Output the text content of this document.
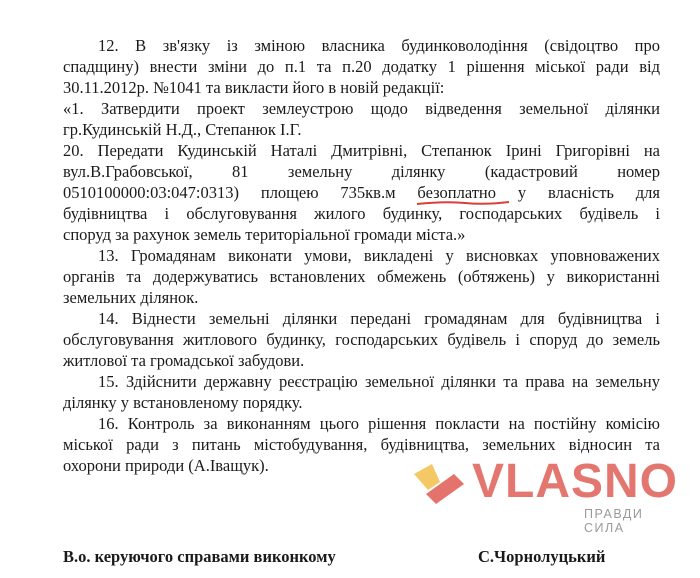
12. В зв'язку із зміною власника будинковолодіння (свідоцтво про
спадщину) внести зміни до п.1 та п.20 додатку 1 рішення міської ради від
30.11.2012р. №1041 та викласти його в новій редакції:
«1. Затвердити проект землеустрою щодо відведення земельної ділянки
гр.Кудинській Н.Д., Степанюк І.Г.
20. Передати Кудинській Наталі Дмитрівні, Степанюк Ірині Григорівні на
вул.В.Грабовської, 81 земельну ділянку (кадастровий номер
0510100000:03:047:0313) площею 735кв.м безоплатно у власність для
будівництва і обслуговування жилого будинку, господарських будівель і
споруд за рахунок земель територіальної громади міста.»
13. Громадянам виконати умови, викладені у висновках уповноважених
органів та додержуватись встановлених обмежень (обтяжень) у використанні
земельних ділянок.
14. Віднести земельні ділянки передані громадянам для будівництва і
обслуговування житлового будинку, господарських будівель і споруд до земель
житлової та громадської забудови.
15. Здійснити державну реєстрацію земельної ділянки та права на земельну
ділянку у встановленому порядку.
16. Контроль за виконанням цього рішення покласти на постійну комісію
міської ради з питань містобудування, будівництва, земельних відносин та
охорони природи (А.Іващук).	VLASNO
ПРАВДИ СИЛА
В.о. керуючого справами виконкому	С.Чорнолуцький
